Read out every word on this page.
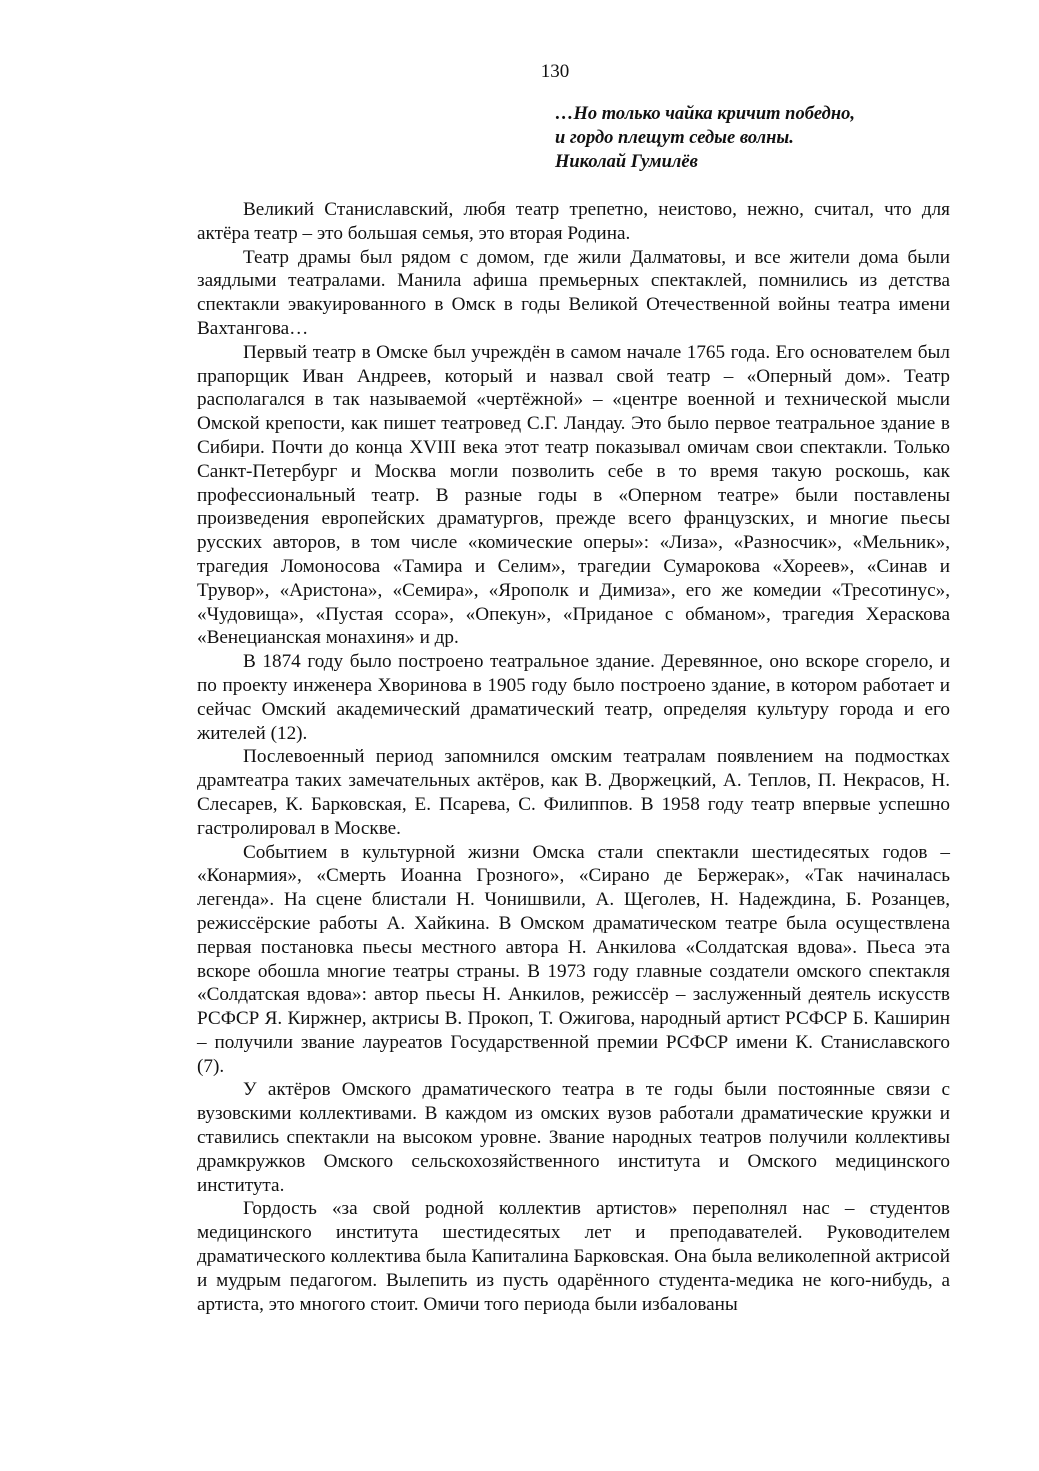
130
…Но только чайка кричит победно,
и гордо плещут седые волны.
Николай Гумилёв

Великий Станиславский, любя театр трепетно, неистово, нежно, считал, что для актёра театр – это большая семья, это вторая Родина.

Театр драмы был рядом с домом, где жили Далматовы, и все жители дома были заядлыми театралами. Манила афиша премьерных спектаклей, помнились из детства спектакли эвакуированного в Омск в годы Великой Отечественной войны театра имени Вахтангова…

Первый театр в Омске был учреждён в самом начале 1765 года. Его основателем был прапорщик Иван Андреев, который и назвал свой театр – «Оперный дом». Театр располагался в так называемой «чертёжной» – «центре военной и технической мысли Омской крепости, как пишет театровед С.Г. Ландау. Это было первое театральное здание в Сибири. Почти до конца XVIII века этот театр показывал омичам свои спектакли. Только Санкт-Петербург и Москва могли позволить себе в то время такую роскошь, как профессиональный театр. В разные годы в «Оперном театре» были поставлены произведения европейских драматургов, прежде всего французских, и многие пьесы русских авторов, в том числе «комические оперы»: «Лиза», «Разносчик», «Мельник», трагедия Ломоносова «Тамира и Селим», трагедии Сумарокова «Хореев», «Синав и Трувор», «Аристона», «Семира», «Ярополк и Димиза», его же комедии «Тресотинус», «Чудовища», «Пустая ссора», «Опекун», «Приданое с обманом», трагедия Хераскова «Венецианская монахиня» и др.

В 1874 году было построено театральное здание. Деревянное, оно вскоре сгорело, и по проекту инженера Хворинова в 1905 году было построено здание, в котором работает и сейчас Омский академический драматический театр, определяя культуру города и его жителей (12).

Послевоенный период запомнился омским театралам появлением на подмостках драмтеатра таких замечательных актёров, как В. Дворжецкий, А. Теплов, П. Некрасов, Н. Слесарев, К. Барковская, Е. Псарева, С. Филиппов. В 1958 году театр впервые успешно гастролировал в Москве.

Событием в культурной жизни Омска стали спектакли шестидесятых годов – «Конармия», «Смерть Иоанна Грозного», «Сирано де Бержерак», «Так начиналась легенда». На сцене блистали Н. Чонишвили, А. Щеголев, Н. Надеждина, Б. Розанцев, режиссёрские работы А. Хайкина. В Омском драматическом театре была осуществлена первая постановка пьесы местного автора Н. Анкилова «Солдатская вдова». Пьеса эта вскоре обошла многие театры страны. В 1973 году главные создатели омского спектакля «Солдатская вдова»: автор пьесы Н. Анкилов, режиссёр – заслуженный деятель искусств РСФСР Я. Киржнер, актрисы В. Прокоп, Т. Ожигова, народный артист РСФСР Б. Каширин – получили звание лауреатов Государственной премии РСФСР имени К. Станиславского (7).

У актёров Омского драматического театра в те годы были постоянные связи с вузовскими коллективами. В каждом из омских вузов работали драматические кружки и ставились спектакли на высоком уровне. Звание народных театров получили коллективы драмкружков Омского сельскохозяйственного института и Омского медицинского института.

Гордость «за свой родной коллектив артистов» переполнял нас – студентов медицинского института шестидесятых лет и преподавателей. Руководителем драматического коллектива была Капиталина Барковская. Она была великолепной актрисой и мудрым педагогом. Вылепить из пусть одарённого студента-медика не кого-нибудь, а артиста, это многого стоит. Омичи того периода были избалованы
